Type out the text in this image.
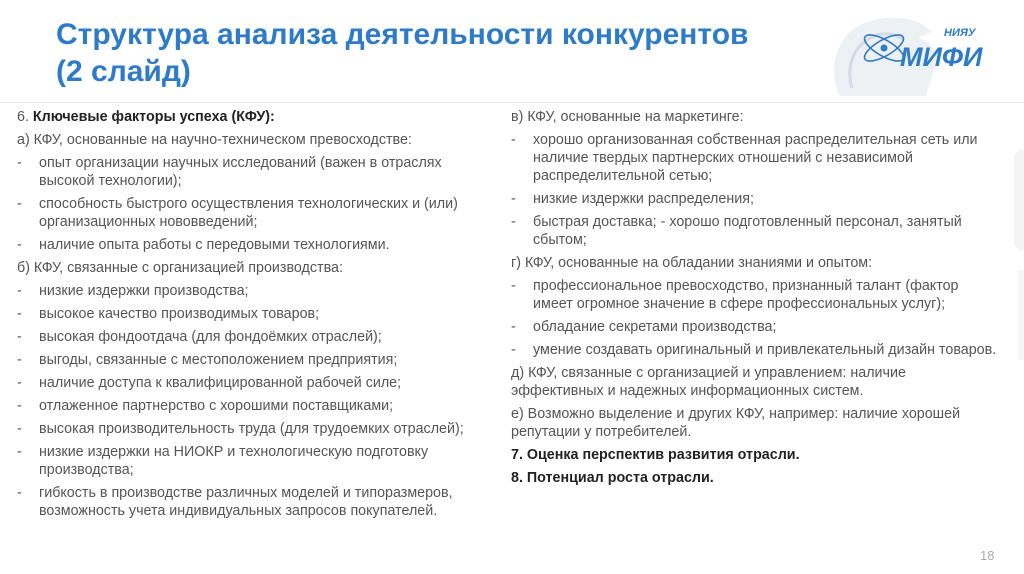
Структура анализа деятельности конкурентов (2 слайд)
НИЯУ
МИФИ

6. Ключевые факторы успеха (КФУ):

а) КФУ, основанные на научно-техническом превосходстве:

- опыт организации научных исследований (важен в отраслях высокой технологии);
- способность быстрого осуществления технологических и (или) организационных нововведений;
- наличие опыта работы с передовыми технологиями.

б) КФУ, связанные с организацией производства:

- низкие издержки производства;
- высокое качество производимых товаров;
- высокая фондоотдача (для фондоёмких отраслей);
- выгоды, связанные с местоположением предприятия;
- наличие доступа к квалифицированной рабочей силе;
- отлаженное партнерство с хорошими поставщиками;
- высокая производительность труда (для трудоемких отраслей);
- низкие издержки на НИОКР и технологическую подготовку производства;
- гибкость в производстве различных моделей и типоразмеров, возможность учета индивидуальных запросов покупателей.

в) КФУ, основанные на маркетинге:

- хорошо организованная собственная распределительная сеть или наличие твердых партнерских отношений с независимой распределительной сетью;
- низкие издержки распределения;
- быстрая доставка; - хорошо подготовленный персонал, занятый сбытом;

г) КФУ, основанные на обладании знаниями и опытом:

- профессиональное превосходство, признанный талант (фактор имеет огромное значение в сфере профессиональных услуг);
- обладание секретами производства;
- умение создавать оригинальный и привлекательный дизайн товаров.

д) КФУ, связанные с организацией и управлением: наличие эффективных и надежных информационных систем.

е) Возможно выделение и других КФУ, например: наличие хорошей репутации у потребителей.

7. Оценка перспектив развития отрасли.

8. Потенциал роста отрасли.

18
